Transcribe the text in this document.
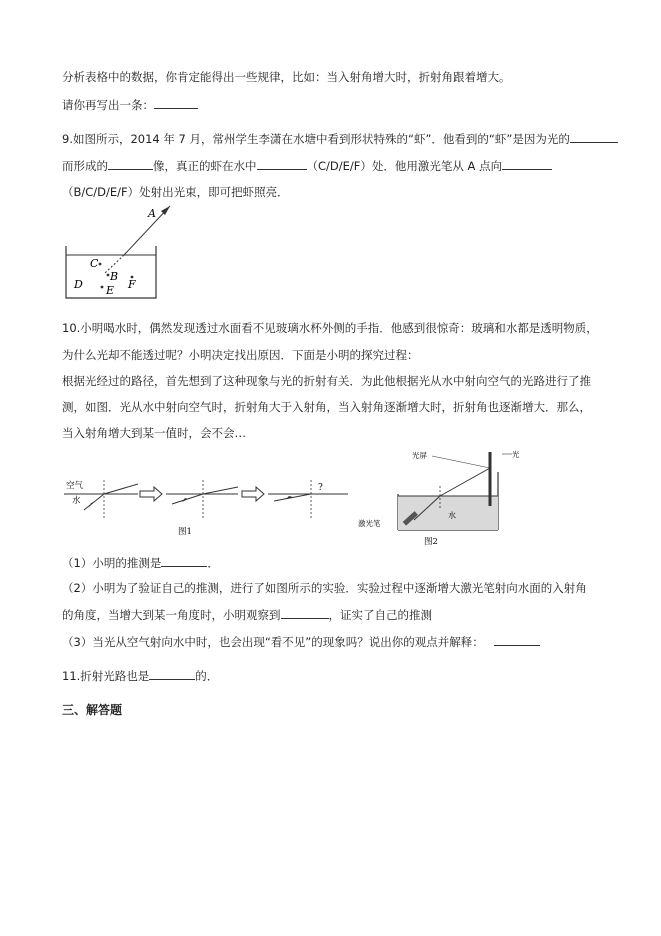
分析表格中的数据，你肯定能得出一些规律，比如：当入射角增大时，折射角跟着增大。
请你再写出一条：
9.如图所示，2014 年 7 月，常州学生李潇在水塘中看到形状特殊的“虾”．他看到的“虾”是因为光的
而形成的	像，真正的虾在水中	（C/D/E/F）处．他用激光笔从 A 点向
（B/C/D/E/F）处射出光束，即可把虾照亮．
A
C
B
D E F
10.小明喝水时，偶然发现透过水面看不见玻璃水杯外侧的手指．他感到很惊奇：玻璃和水都是透明物质，
为什么光却不能透过呢？小明决定找出原因．下面是小明的探究过程：
根据光经过的路径，首先想到了这种现象与光的折射有关．为此他根据光从水中射向空气的光路进行了推
测，如图．光从水中射向空气时，折射角大于入射角，当入射角逐渐增大时，折射角也逐渐增大．那么，
当入射角增大到某一值时，会不会…
空气
水
?
图1
光屏	光
水
激光笔
图2
（1）小明的推测是	．
（2）小明为了验证自己的推测，进行了如图所示的实验．实验过程中逐渐增大激光笔射向水面的入射角
的角度，当增大到某一角度时，小明观察到	，证实了自己的推测
（3）当光从空气射向水中时，也会出现“看不见”的现象吗？说出你的观点并解释：
11.折射光路也是	的．
三、解答题
